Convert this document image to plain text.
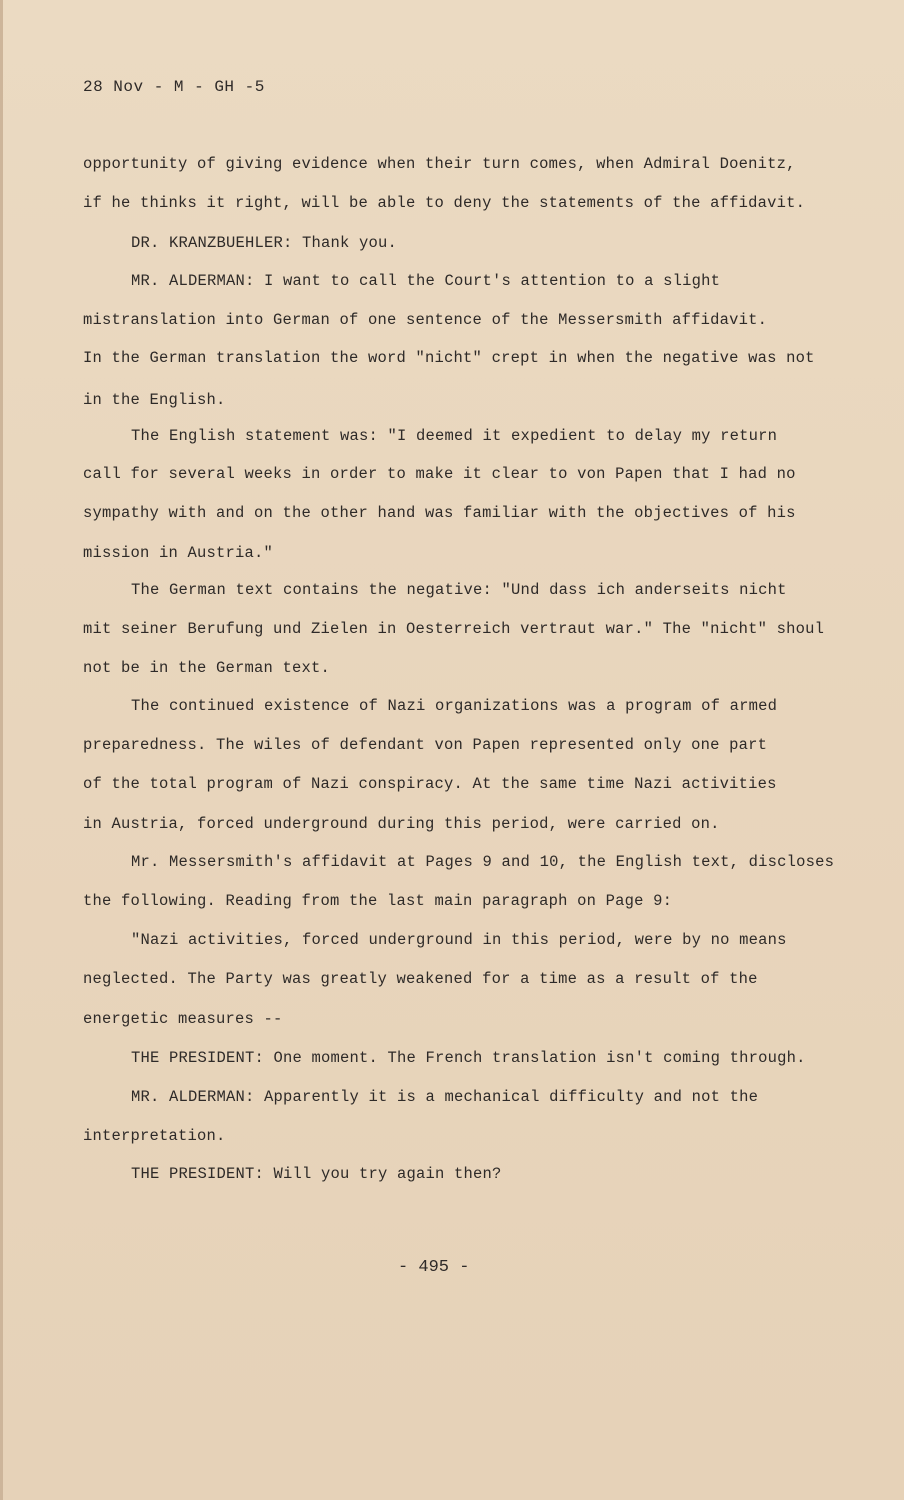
28 Nov - M - GH -5
opportunity of giving evidence when their turn comes, when Admiral Doenitz,
if he thinks it right, will be able to deny the statements of the affidavit.
DR. KRANZBUEHLER: Thank you.
MR. ALDERMAN: I want to call the Court's attention to a slight
mistranslation into German of one sentence of the Messersmith affidavit.
In the German translation the word "nicht" crept in when the negative was not
in the English.
The English statement was: "I deemed it expedient to delay my return
call for several weeks in order to make it clear to von Papen that I had no
sympathy with and on the other hand was familiar with the objectives of his
mission in Austria."
The German text contains the negative: "Und dass ich anderseits nicht
mit seiner Berufung und Zielen in Oesterreich vertraut war." The "nicht" shoul
not be in the German text.
The continued existence of Nazi organizations was a program of armed
preparedness. The wiles of defendant von Papen represented only one part
of the total program of Nazi conspiracy. At the same time Nazi activities
in Austria, forced underground during this period, were carried on.
Mr. Messersmith's affidavit at Pages 9 and 10, the English text, discloses
the following. Reading from the last main paragraph on Page 9:
"Nazi activities, forced underground in this period, were by no means
neglected. The Party was greatly weakened for a time as a result of the
energetic measures --
THE PRESIDENT: One moment. The French translation isn't coming through.
MR. ALDERMAN: Apparently it is a mechanical difficulty and not the
interpretation.
THE PRESIDENT: Will you try again then?
- 495 -
